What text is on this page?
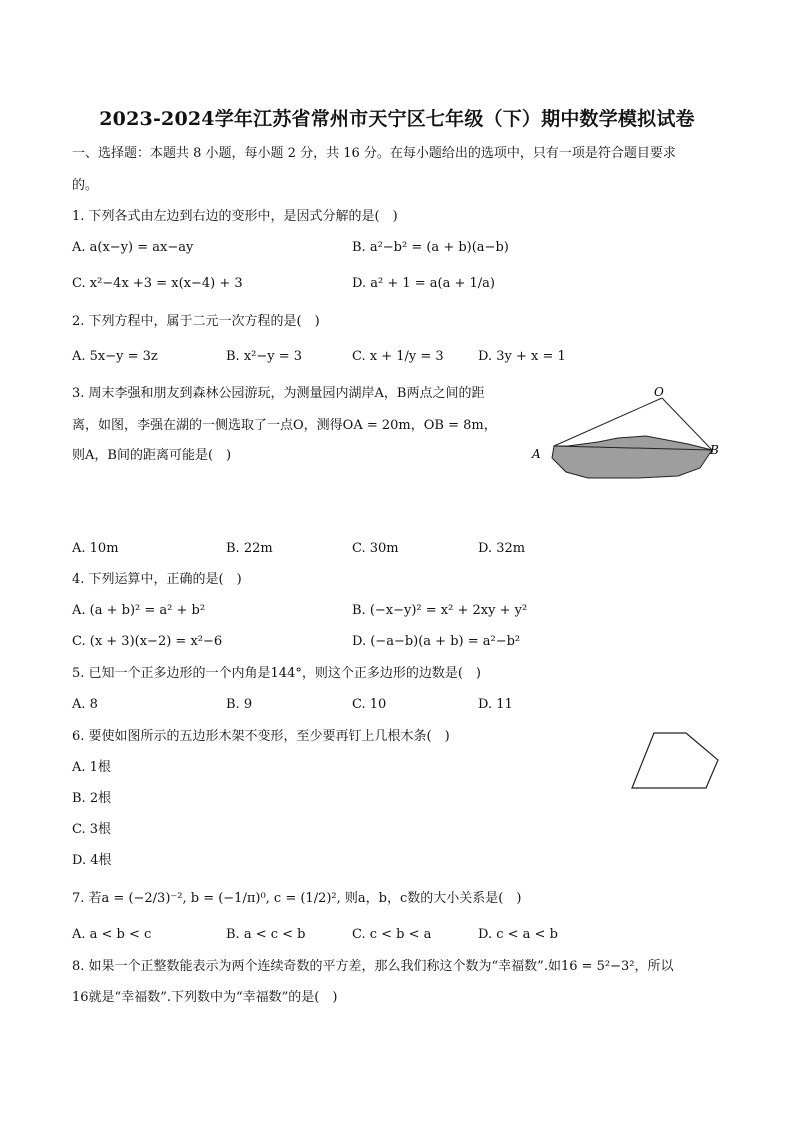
2023-2024学年江苏省常州市天宁区七年级（下）期中数学模拟试卷
一、选择题：本题共 8 小题，每小题 2 分，共 16 分。在每小题给出的选项中，只有一项是符合题目要求
的。
1. 下列各式由左边到右边的变形中，是因式分解的是(　)
A. a(x−y) = ax−ay	B. a²−b² = (a + b)(a−b)
C. x²−4x +3 = x(x−4) + 3	D. a² + 1 = a(a + 1/a)
2. 下列方程中，属于二元一次方程的是(　)
A. 5x−y = 3z	B. x²−y = 3	C. x + 1/y = 3	D. 3y + x = 1
3. 周末李强和朋友到森林公园游玩，为测量园内湖岸A，B两点之间的距
离，如图，李强在湖的一侧选取了一点O，测得OA = 20m，OB = 8m，
则A，B间的距离可能是(　)
O
A	B
A. 10m	B. 22m	C. 30m	D. 32m
4. 下列运算中，正确的是(　)
A. (a + b)² = a² + b²	B. (−x−y)² = x² + 2xy + y²
C. (x + 3)(x−2) = x²−6	D. (−a−b)(a + b) = a²−b²
5. 已知一个正多边形的一个内角是144°，则这个正多边形的边数是(　)
A. 8	B. 9	C. 10	D. 11
6. 要使如图所示的五边形木架不变形，至少要再钉上几根木条(　)
A. 1根
B. 2根
C. 3根
D. 4根
7. 若a = (−2/3)⁻², b = (−1/π)⁰, c = (1/2)², 则a，b，c数的大小关系是(　)
A. a < b < c	B. a < c < b	C. c < b < a	D. c < a < b
8. 如果一个正整数能表示为两个连续奇数的平方差，那么我们称这个数为“幸福数”.如16 = 5²−3²，所以
16就是“幸福数”.下列数中为“幸福数”的是(　)
